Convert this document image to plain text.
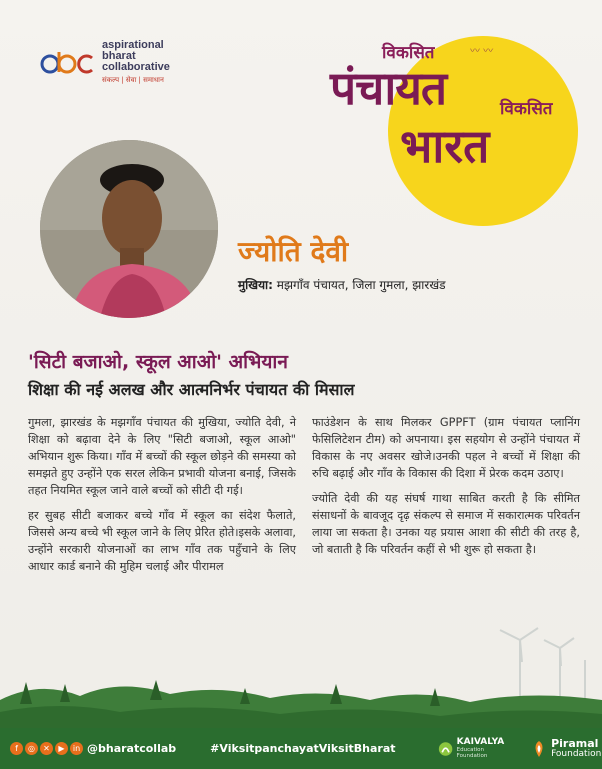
aspirational
bharat
collaborative
संकल्प | सेवा | समाधान
〰 〰
विकसित
पंचायत	विकसित
भारत
ज्योति देवी
मुखिया: मझगाँव पंचायत, जिला गुमला, झारखंड
'सिटी बजाओ, स्कूल आओ' अभियान
शिक्षा की नई अलख और आत्मनिर्भर पंचायत की मिसाल

गुमला, झारखंड के मझगाँव पंचायत की मुखिया, ज्योति देवी, ने शिक्षा को बढ़ावा देने के लिए "सिटी बजाओ, स्कूल आओ" अभियान शुरू किया। गाँव में बच्चों की स्कूल छोड़ने की समस्या को समझते हुए उन्होंने एक सरल लेकिन प्रभावी योजना बनाई, जिसके तहत नियमित स्कूल जाने वाले बच्चों को सीटी दी गई।

हर सुबह सीटी बजाकर बच्चे गाँव में स्कूल का संदेश फैलाते, जिससे अन्य बच्चे भी स्कूल जाने के लिए प्रेरित होते।इसके अलावा, उन्होंने सरकारी योजनाओं का लाभ गाँव तक पहुँचाने के लिए आधार कार्ड बनाने की मुहिम चलाई और पीरामल

फाउंडेशन के साथ मिलकर GPPFT (ग्राम पंचायत प्लानिंग फेसिलिटेशन टीम) को अपनाया। इस सहयोग से उन्होंने पंचायत में विकास के नए अवसर खोजे।उनकी पहल ने बच्चों में शिक्षा की रुचि बढ़ाई और गाँव के विकास की दिशा में प्रेरक कदम उठाए।

ज्योति देवी की यह संघर्ष गाथा साबित करती है कि सीमित संसाधनों के बावजूद दृढ़ संकल्प से समाज में सकारात्मक परिवर्तन लाया जा सकता है। उनका यह प्रयास आशा की सीटी की तरह है, जो बताती है कि परिवर्तन कहीं से भी शुरू हो सकता है।

f	◎	✕	▶	in @bharatcollab	#ViksitpanchayatViksitBharat	KAIVALYA
Education Foundation
Piramal
Foundation
